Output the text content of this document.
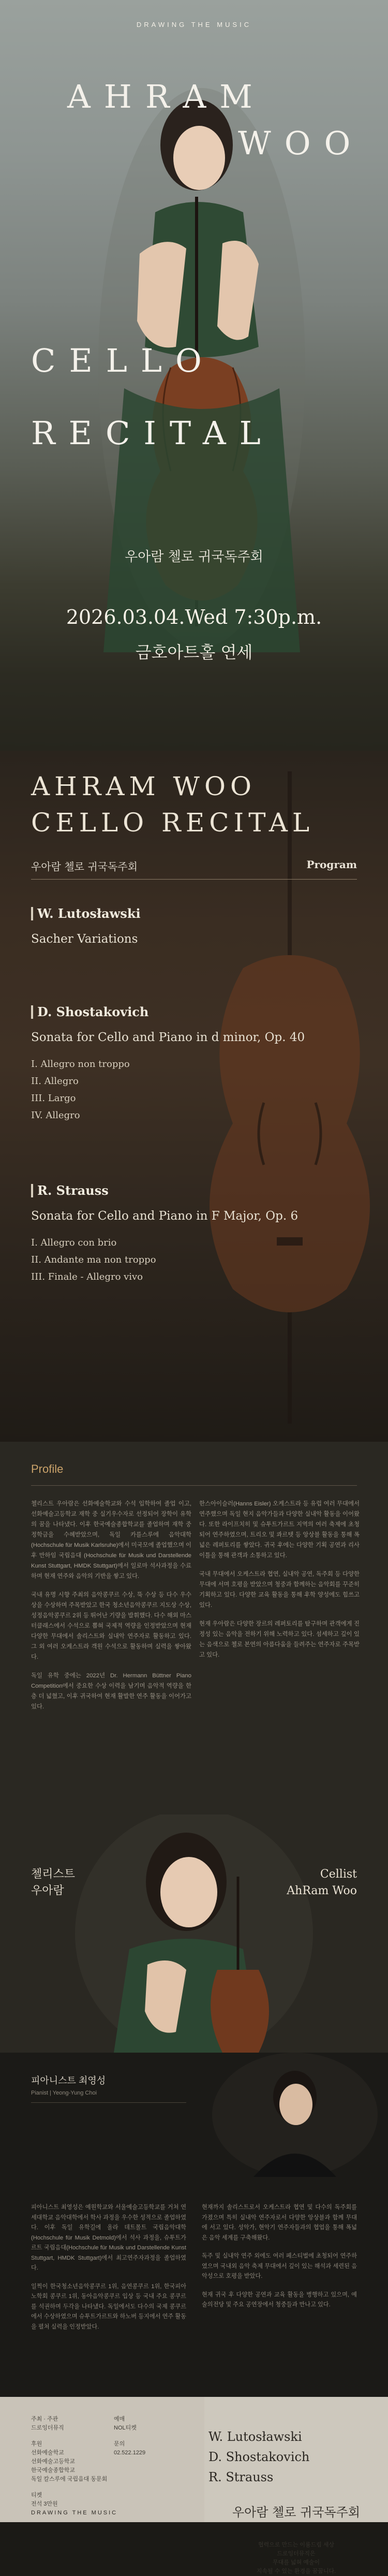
DRAWING THE MUSIC
AHRAM
WOO
CELLO
RECITAL
우아람 첼로 귀국독주회
2026.03.04.Wed 7:30p.m.
금호아트홀 연세
AHRAM WOO
CELLO RECITAL
우아람 첼로 귀국독주회	Program
W. Lutosławski
Sacher Variations
D. Shostakovich
Sonata for Cello and Piano in d minor, Op. 40
I. Allegro non troppo
II. Allegro
III. Largo
IV. Allegro
R. Strauss
Sonata for Cello and Piano in F Major, Op. 6
I. Allegro con brio
II. Andante ma non troppo
III. Finale - Allegro vivo
Profile

첼리스트 우아람은 선화예술학교와 수석 입학하여 졸업 이고, 선화예술고등학교 재학 중 실기우수자로 선정되어 장학이 유학의 꿈을 나타냈다. 이후 한국예술종합학교를 졸업하며 재학 중 정학금을 수혜받았으며, 독일 카를스루에 음악대학(Hochschule für Musik Karlsruhe)에서 미국모에 졸업했으며 이 후 만하임 국립음대 (Hochschule für Musik und Darstellende Kunst Stuttgart, HMDK Stuttgart)에서 일로마 석사과정을 수료하며 현재 연주와 음악의 기반을 쌓고 있다.

국내 유명 시향 주최의 음악콩쿠르 수상, 뚝 수상 등 다수 우수 상을 수상하며 주목받았고 한국 청소년음악콩쿠르 지도상 수상, 성정음악콩쿠르 2위 등 뛰어난 기량을 발휘했다. 다수 해외 마스터클래스에서 수석으로 뽑혀 국제적 역량을 인정받았으며 현재 다양한 무대에서 솔리스트와 실내악 연주자로 활동하고 있다. 그 외 여러 오케스트라 객원 수석으로 활동하며 실력을 쌓아왔다.

독일 유학 중에는 2022년 Dr. Hermann Büttner Piano Competition에서 중요한 수상 이력을 남기며 음악적 역량을 한층 더 넓혔고, 이후 귀국하여 현재 활발한 연주 활동을 이어가고 있다.

한스아이슬러(Hanns Eisler) 오케스트라 등 유럽 여러 무대에서 연주했으며 독일 현지 음악가들과 다양한 실내악 활동을 이어왔다. 또한 라이프치히 및 슈투트가르트 지역의 여러 축제에 초청되어 연주하였으며, 트리오 및 콰르텟 등 앙상블 활동을 통해 폭넓은 레퍼토리를 쌓았다. 귀국 후에는 다양한 기획 공연과 리사이틀을 통해 관객과 소통하고 있다.

국내 무대에서 오케스트라 협연, 실내악 공연, 독주회 등 다양한 무대에 서며 호평을 받았으며 청중과 함께하는 음악회를 꾸준히 기획하고 있다. 다양한 교육 활동을 통해 후학 양성에도 힘쓰고 있다.

현재 우아람은 다양한 장르의 레퍼토리를 탐구하며 관객에게 진정성 있는 음악을 전하기 위해 노력하고 있다. 섬세하고 깊이 있는 음색으로 첼로 본연의 아름다움을 들려주는 연주자로 주목받고 있다.

첼리스트
우아람
Cellist
AhRam Woo
피아니스트 최영성
Pianist | Yeong-Yung Choi

피아니스트 최영성은 예원학교와 서울예술고등학교를 거쳐 연세대학교 음악대학에서 학사 과정을 우수한 성적으로 졸업하였다. 이후 독일 유학길에 올라 데트몰트 국립음악대학(Hochschule für Musik Detmold)에서 석사 과정을, 슈투트가르트 국립음대(Hochschule für Musik und Darstellende Kunst Stuttgart, HMDK Stuttgart)에서 최고연주자과정을 졸업하였다.

일찍이 한국청소년음악콩쿠르 1위, 음연콩쿠르 1위, 한국피아노학회 콩쿠르 1위, 동아음악콩쿠르 입상 등 국내 주요 콩쿠르를 석권하며 두각을 나타냈다. 독일에서도 다수의 국제 콩쿠르에서 수상하였으며 슈투트가르트와 하노버 등지에서 연주 활동을 펼쳐 실력을 인정받았다.

현재까지 솔리스트로서 오케스트라 협연 및 다수의 독주회를 가졌으며 특히 실내악 연주자로서 다양한 앙상블과 함께 무대에 서고 있다. 성악가, 현악기 연주자들과의 협업을 통해 폭넓은 음악 세계를 구축해왔다.

독주 및 실내악 연주 외에도 여러 페스티벌에 초청되어 연주하였으며 국내외 음악 축제 무대에서 깊이 있는 해석과 세련된 음악성으로 호평을 받았다.

현재 귀국 후 다양한 공연과 교육 활동을 병행하고 있으며, 예술의전당 및 주요 공연장에서 청중들과 만나고 있다.

주최 · 주관
드로잉더뮤직
후원
선화예술학교
선화예술고등학교
한국예술종합학교
독일 칼스루에 국립음대 동문회
티켓
전석 3만원
예매
NOL티켓
문의
02.522.1229
W. Lutosławski
D. Shostakovich
R. Strauss
우아람 첼로 귀국독주회
협력으로 만드는 이룸드림 세상
드로잉더뮤직은
무대를 넓혀 예술이
지속될 수 있는 환경을 꿈꿉니다.
DRAWING THE MUSIC
